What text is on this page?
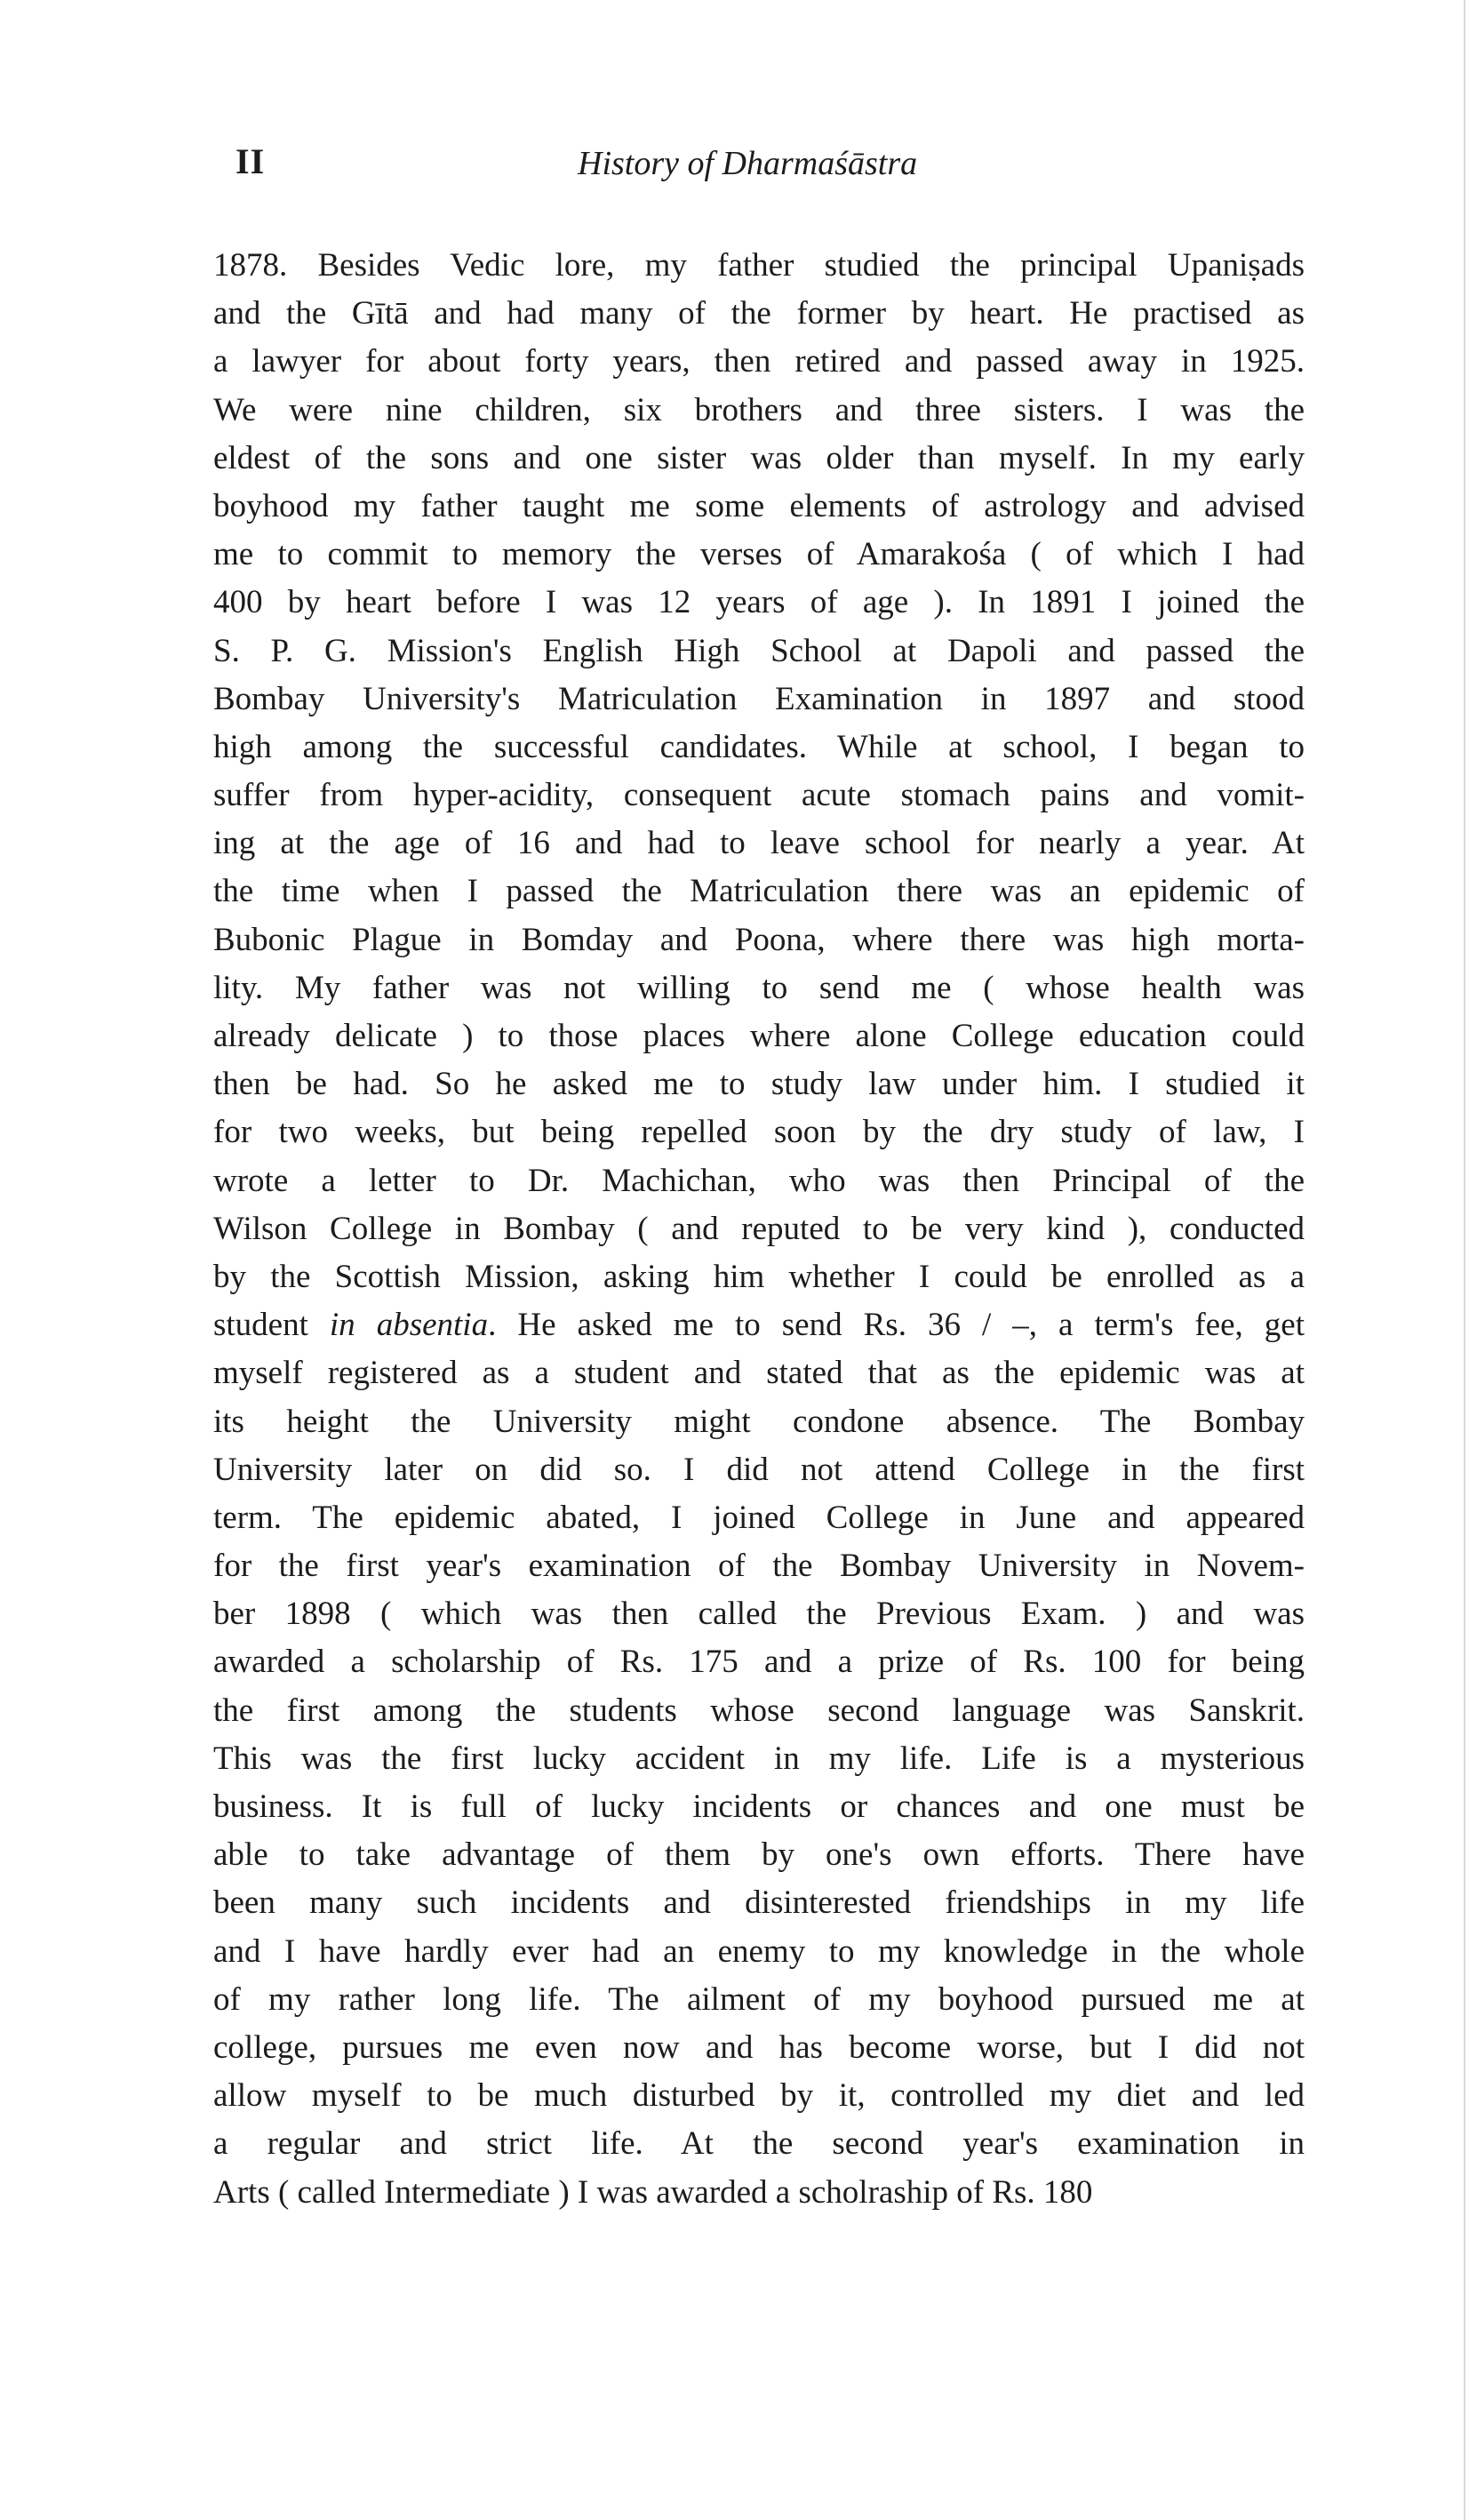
II	History of Dharmaśāstra
1878. Besides Vedic lore, my father studied the principal Upaniṣads
and the Gītā and had many of the former by heart. He practised as
a lawyer for about forty years, then retired and passed away in 1925.
We were nine children, six brothers and three sisters. I was the
eldest of the sons and one sister was older than myself. In my early
boyhood my father taught me some elements of astrology and advised
me to commit to memory the verses of Amarakośa ( of which I had
400 by heart before I was 12 years of age ). In 1891 I joined the
S. P. G. Mission's English High School at Dapoli and passed the
Bombay University's Matriculation Examination in 1897 and stood
high among the successful candidates. While at school, I began to
suffer from hyper-acidity, consequent acute stomach pains and vomit-
ing at the age of 16 and had to leave school for nearly a year. At
the time when I passed the Matriculation there was an epidemic of
Bubonic Plague in Bomday and Poona, where there was high morta-
lity. My father was not willing to send me ( whose health was
already delicate ) to those places where alone College education could
then be had. So he asked me to study law under him. I studied it
for two weeks, but being repelled soon by the dry study of law, I
wrote a letter to Dr. Machichan, who was then Principal of the
Wilson College in Bombay ( and reputed to be very kind ), conducted
by the Scottish Mission, asking him whether I could be enrolled as a
student in absentia. He asked me to send Rs. 36 / –, a term's fee, get
myself registered as a student and stated that as the epidemic was at
its height the University might condone absence. The Bombay
University later on did so. I did not attend College in the first
term. The epidemic abated, I joined College in June and appeared
for the first year's examination of the Bombay University in Novem-
ber 1898 ( which was then called the Previous Exam. ) and was
awarded a scholarship of Rs. 175 and a prize of Rs. 100 for being
the first among the students whose second language was Sanskrit.
This was the first lucky accident in my life. Life is a mysterious
business. It is full of lucky incidents or chances and one must be
able to take advantage of them by one's own efforts. There have
been many such incidents and disinterested friendships in my life
and I have hardly ever had an enemy to my knowledge in the whole
of my rather long life. The ailment of my boyhood pursued me at
college, pursues me even now and has become worse, but I did not
allow myself to be much disturbed by it, controlled my diet and led
a regular and strict life. At the second year's examination in
Arts ( called Intermediate ) I was awarded a scholraship of Rs. 180
